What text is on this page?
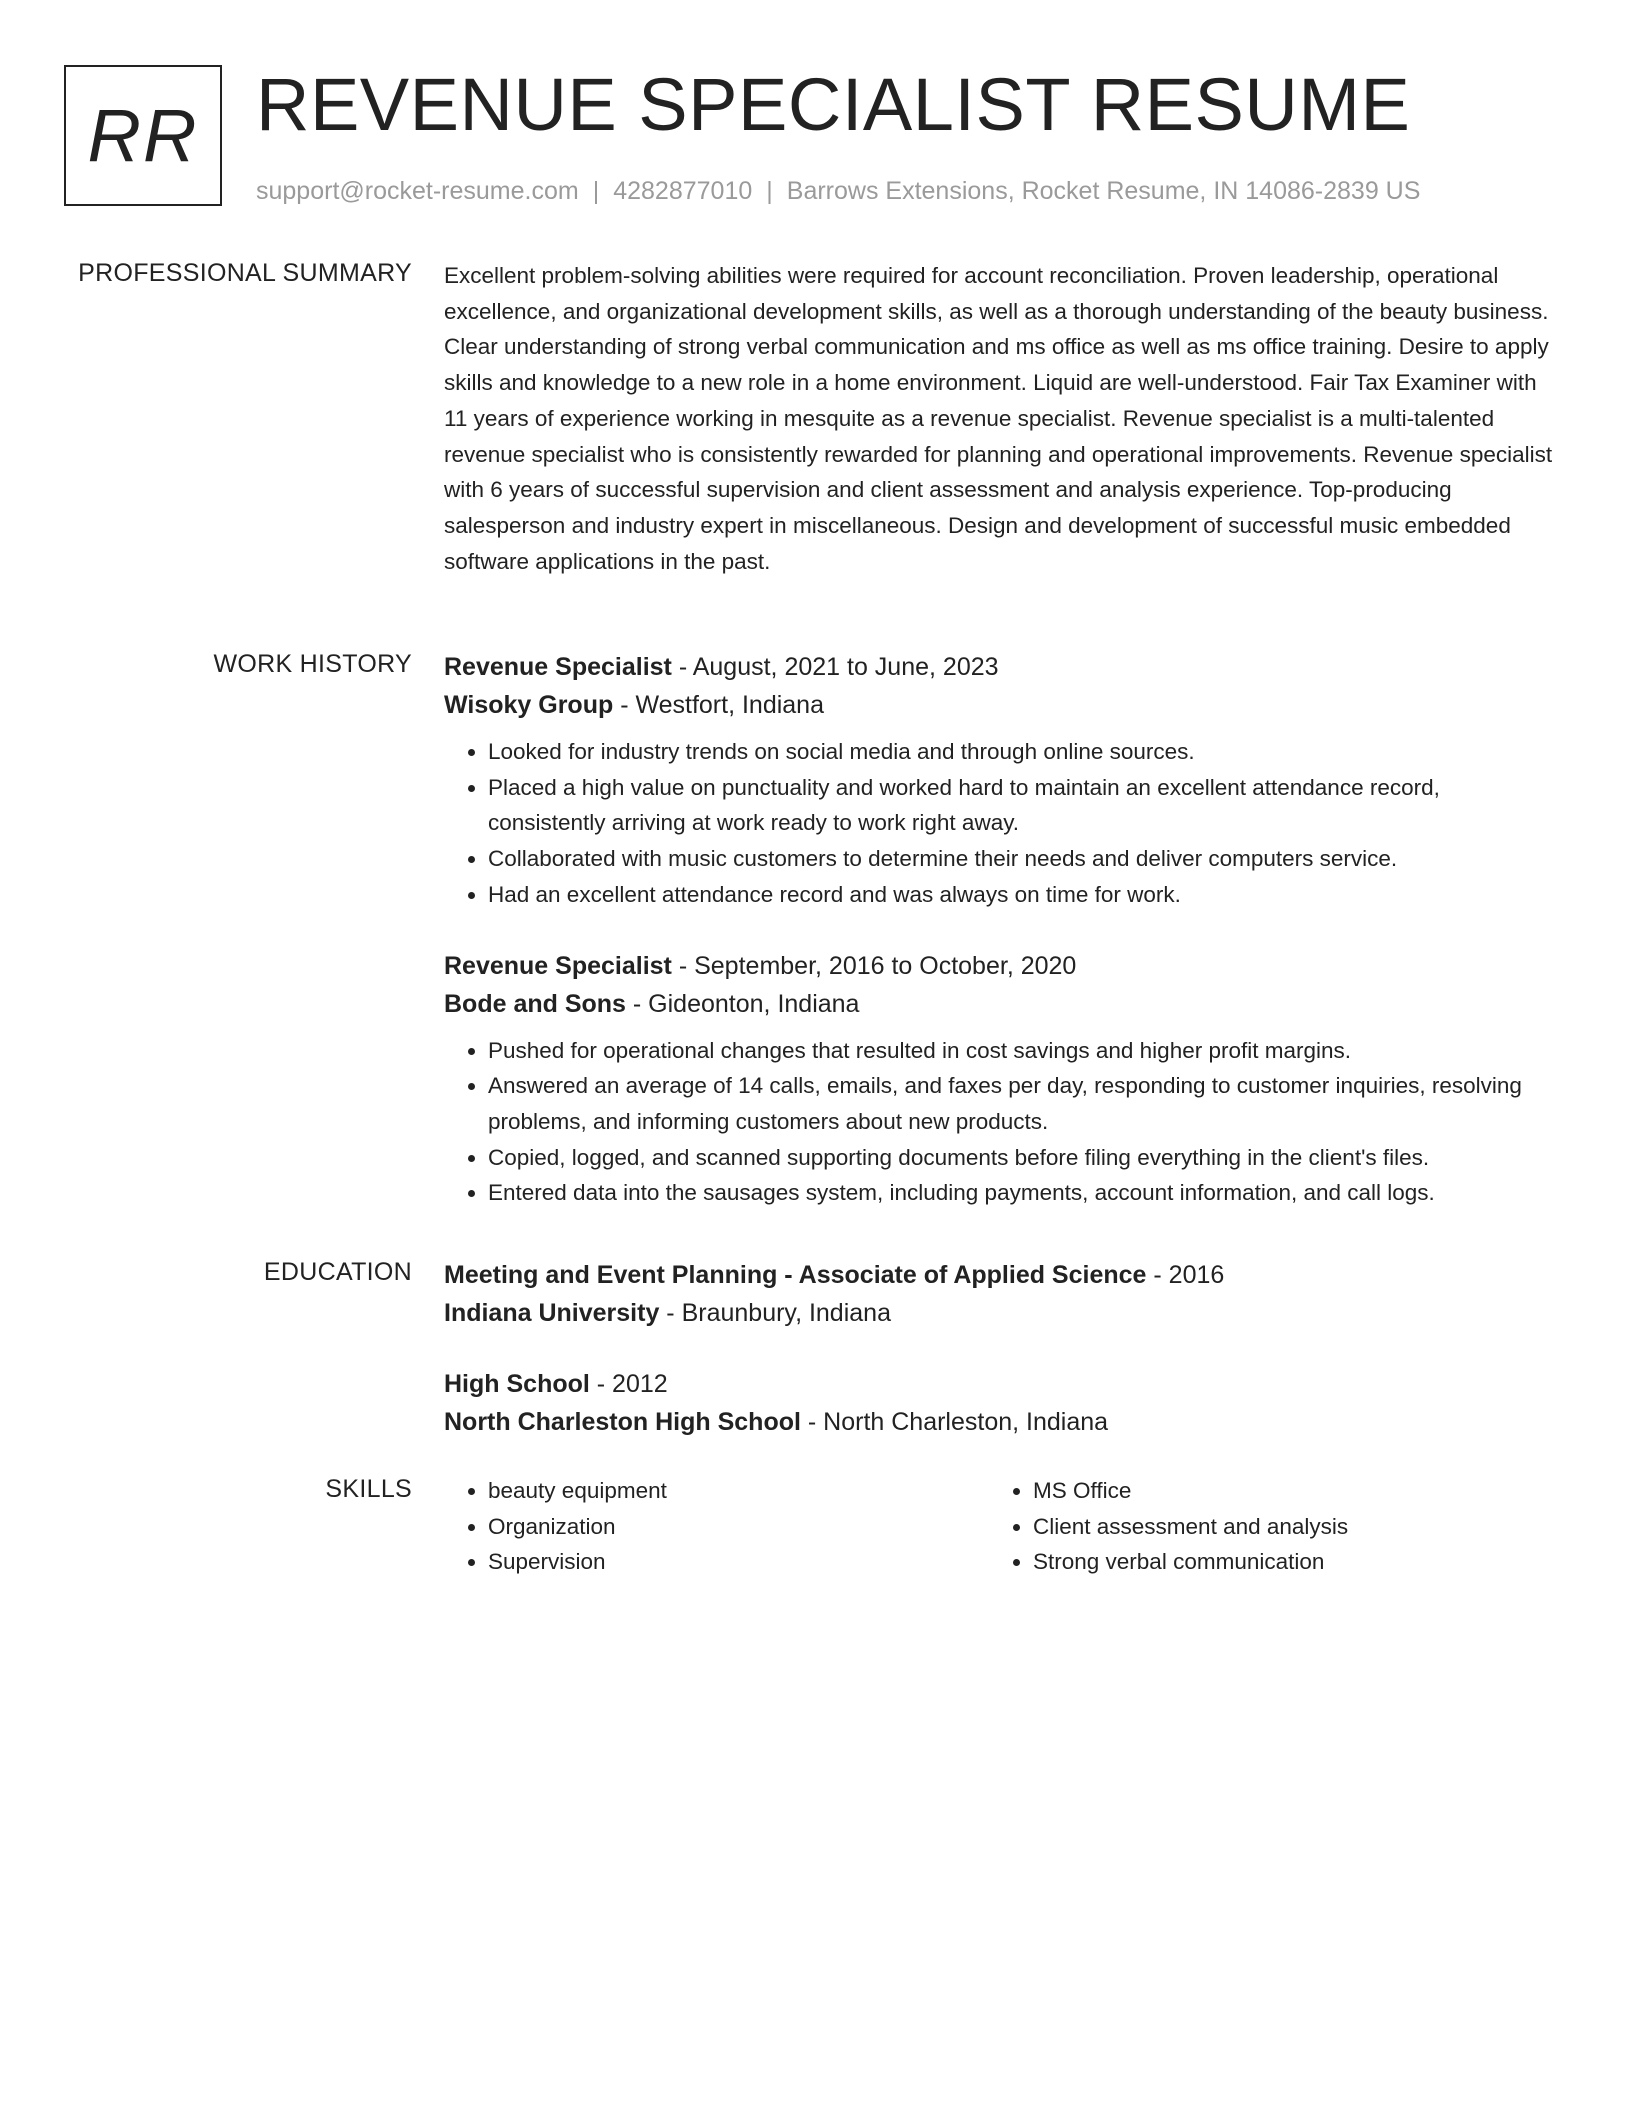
RR REVENUE SPECIALIST RESUME
support@rocket-resume.com | 4282877010 | Barrows Extensions, Rocket Resume, IN 14086-2839 US
PROFESSIONAL SUMMARY Excellent problem-solving abilities were required for account reconciliation. Proven leadership, operational excellence, and organizational development skills, as well as a thorough understanding of the beauty business. Clear understanding of strong verbal communication and ms office as well as ms office training. Desire to apply skills and knowledge to a new role in a home environment. Liquid are well-understood. Fair Tax Examiner with 11 years of experience working in mesquite as a revenue specialist. Revenue specialist is a multi-talented revenue specialist who is consistently rewarded for planning and operational improvements. Revenue specialist with 6 years of successful supervision and client assessment and analysis experience. Top-producing salesperson and industry expert in miscellaneous. Design and development of successful music embedded software applications in the past.

WORK HISTORY Revenue Specialist - August, 2021 to June, 2023
Wisoky Group - Westfort, Indiana
• Looked for industry trends on social media and through online sources.
• Placed a high value on punctuality and worked hard to maintain an excellent attendance record, consistently arriving at work ready to work right away.
• Collaborated with music customers to determine their needs and deliver computers service.
• Had an excellent attendance record and was always on time for work.
Revenue Specialist - September, 2016 to October, 2020
Bode and Sons - Gideonton, Indiana
• Pushed for operational changes that resulted in cost savings and higher profit margins.
• Answered an average of 14 calls, emails, and faxes per day, responding to customer inquiries, resolving problems, and informing customers about new products.
• Copied, logged, and scanned supporting documents before filing everything in the client's files.
• Entered data into the sausages system, including payments, account information, and call logs.
EDUCATION Meeting and Event Planning - Associate of Applied Science - 2016
Indiana University - Braunbury, Indiana
High School - 2012
North Charleston High School - North Charleston, Indiana
SKILLS
•	beauty equipment
• Organization
• Supervision
• MS Office
• Client assessment and analysis
• Strong verbal communication
